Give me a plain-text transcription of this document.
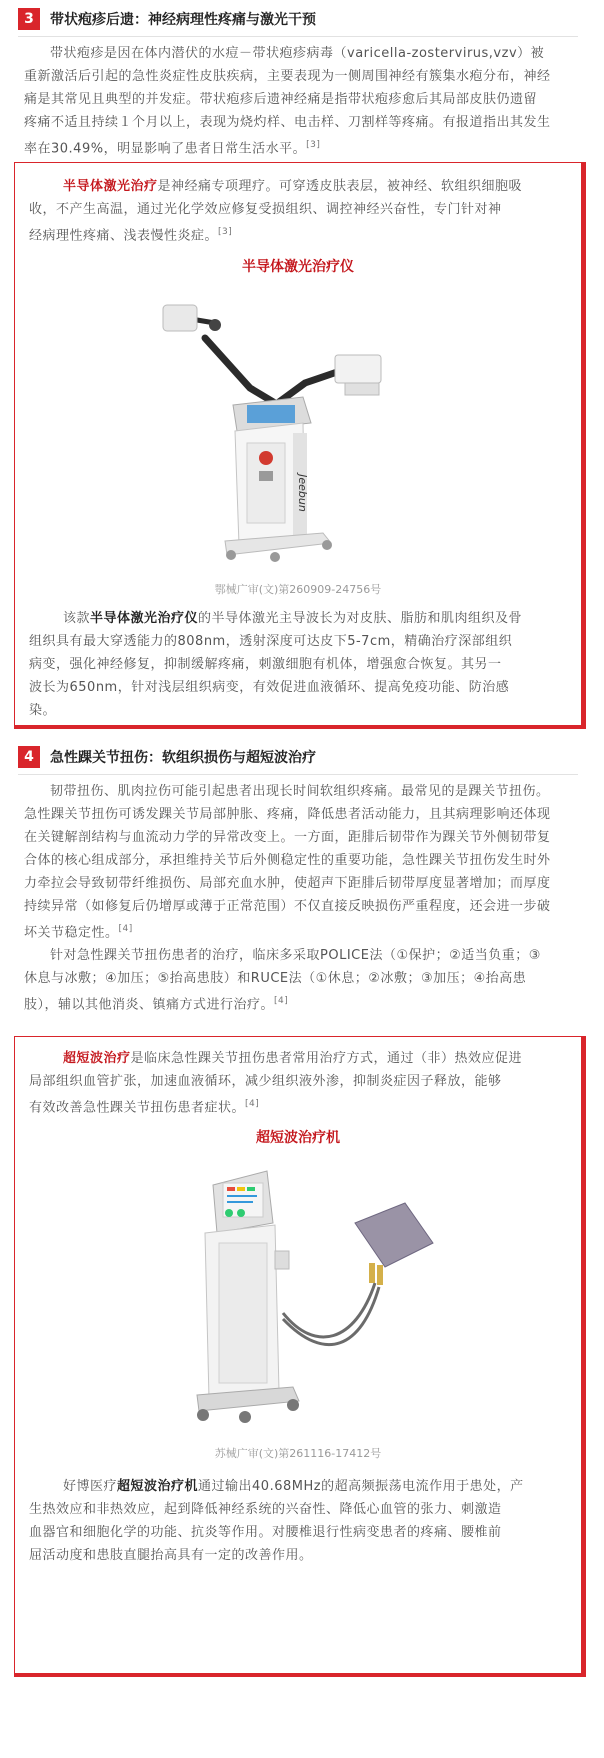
3	带状疱疹后遗：神经病理性疼痛与激光干预
带状疱疹是因在体内潜伏的水痘－带状疱疹病毒（varicella-zostervirus,vzv）被
重新激活后引起的急性炎症性皮肤疾病，主要表现为一侧周围神经有簇集水疱分布，神经
痛是其常见且典型的并发症。带状疱疹后遗神经痛是指带状疱疹愈后其局部皮肤仍遗留
疼痛不适且持续１个月以上，表现为烧灼样、电击样、刀割样等疼痛。有报道指出其发生
率在30.49%，明显影响了患者日常生活水平。[3]
半导体激光治疗是神经痛专项理疗。可穿透皮肤表层，被神经、软组织细胞吸
收，不产生高温，通过光化学效应修复受损组织、调控神经兴奋性，专门针对神
经病理性疼痛、浅表慢性炎症。[3]
半导体激光治疗仪
Jeebun
鄂械广审(文)第260909-24756号
该款半导体激光治疗仪的半导体激光主导波长为对皮肤、脂肪和肌肉组织及骨
组织具有最大穿透能力的808nm，透射深度可达皮下5-7cm，精确治疗深部组织
病变，强化神经修复，抑制缓解疼痛，刺激细胞有机体，增强愈合恢复。其另一
波长为650nm，针对浅层组织病变，有效促进血液循环、提高免疫功能、防治感
染。
4	急性踝关节扭伤：软组织损伤与超短波治疗
韧带扭伤、肌肉拉伤可能引起患者出现长时间软组织疼痛。最常见的是踝关节扭伤。
急性踝关节扭伤可诱发踝关节局部肿胀、疼痛，降低患者活动能力，且其病理影响还体现
在关键解剖结构与血流动力学的异常改变上。一方面，距腓后韧带作为踝关节外侧韧带复
合体的核心组成部分，承担维持关节后外侧稳定性的重要功能，急性踝关节扭伤发生时外
力牵拉会导致韧带纤维损伤、局部充血水肿，使超声下距腓后韧带厚度显著增加；而厚度
持续异常（如修复后仍增厚或薄于正常范围）不仅直接反映损伤严重程度，还会进一步破
坏关节稳定性。[4]
针对急性踝关节扭伤患者的治疗，临床多采取POLICE法（①保护；②适当负重；③
休息与冰敷；④加压；⑤抬高患肢）和RUCE法（①休息；②冰敷；③加压；④抬高患
肢），辅以其他消炎、镇痛方式进行治疗。[4]
超短波治疗是临床急性踝关节扭伤患者常用治疗方式，通过（非）热效应促进
局部组织血管扩张，加速血液循环，减少组织液外渗，抑制炎症因子释放，能够
有效改善急性踝关节扭伤患者症状。[4]
超短波治疗机
苏械广审(文)第261116-17412号
好博医疗超短波治疗机通过输出40.68MHz的超高频振荡电流作用于患处，产
生热效应和非热效应，起到降低神经系统的兴奋性、降低心血管的张力、刺激造
血器官和细胞化学的功能、抗炎等作用。对腰椎退行性病变患者的疼痛、腰椎前
屈活动度和患肢直腿抬高具有一定的改善作用。
